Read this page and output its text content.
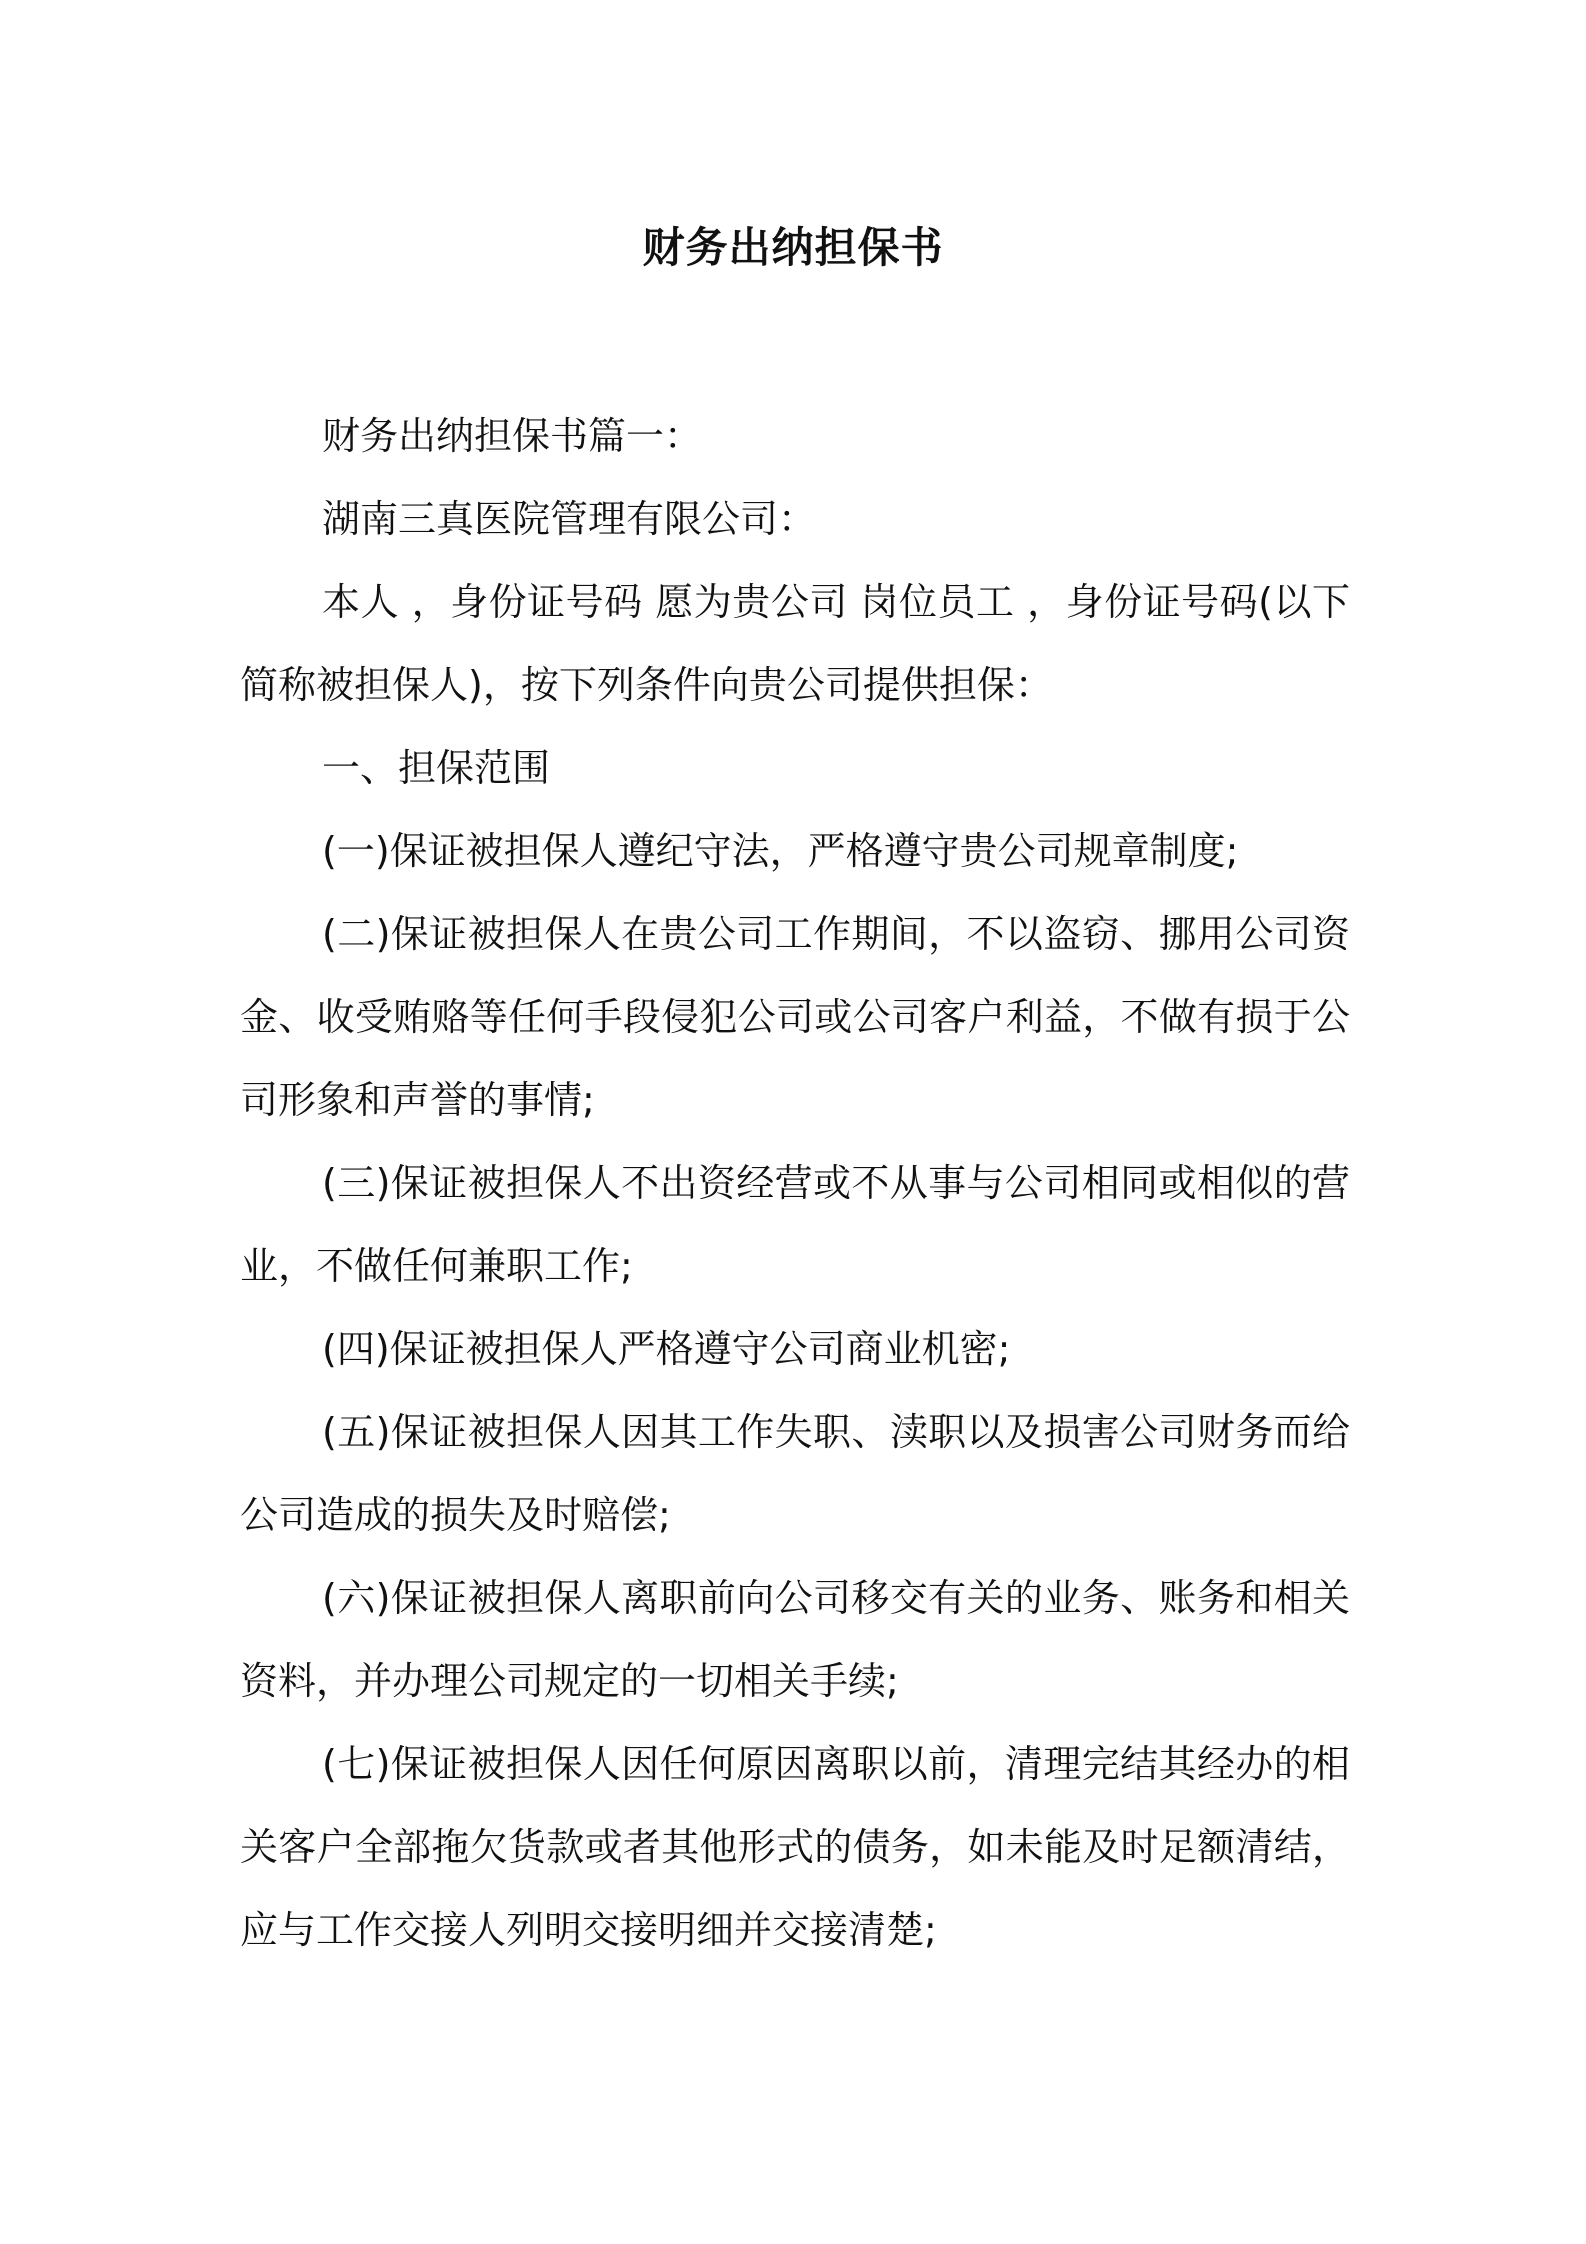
财务出纳担保书

财务出纳担保书篇一：

湖南三真医院管理有限公司：

本人 ，身份证号码 愿为贵公司 岗位员工 ，身份证号码(以下简称被担保人)，按下列条件向贵公司提供担保：

一、担保范围

(一)保证被担保人遵纪守法，严格遵守贵公司规章制度;

(二)保证被担保人在贵公司工作期间，不以盗窃、挪用公司资金、收受贿赂等任何手段侵犯公司或公司客户利益，不做有损于公司形象和声誉的事情;

(三)保证被担保人不出资经营或不从事与公司相同或相似的营业，不做任何兼职工作;

(四)保证被担保人严格遵守公司商业机密;

(五)保证被担保人因其工作失职、渎职以及损害公司财务而给公司造成的损失及时赔偿;

(六)保证被担保人离职前向公司移交有关的业务、账务和相关资料，并办理公司规定的一切相关手续;

(七)保证被担保人因任何原因离职以前，清理完结其经办的相关客户全部拖欠货款或者其他形式的债务，如未能及时足额清结，应与工作交接人列明交接明细并交接清楚;
